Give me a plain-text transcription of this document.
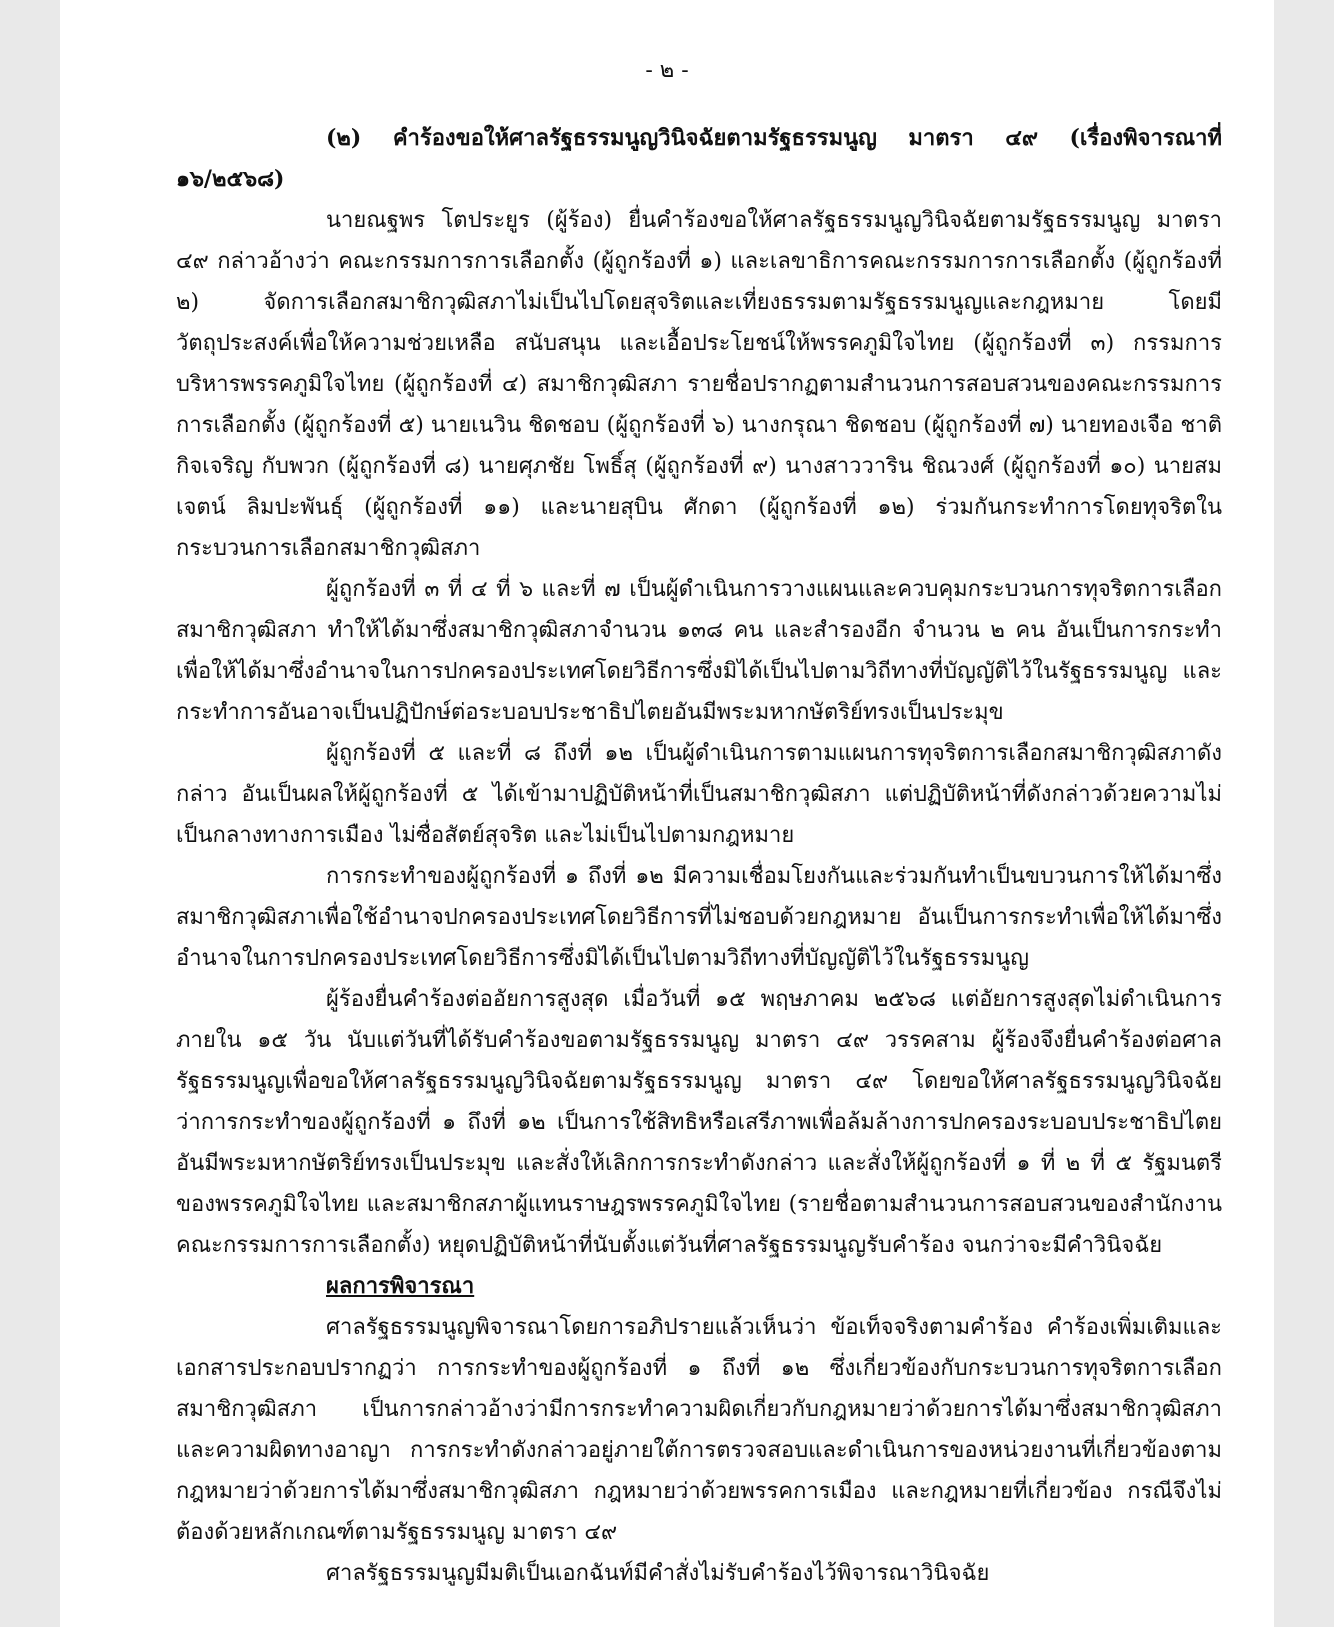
- ๒ -

(๒) คำร้องขอให้ศาลรัฐธรรมนูญวินิจฉัยตามรัฐธรรมนูญ มาตรา ๔๙ (เรื่องพิจารณาที่ ๑๖/๒๕๖๘)

นายณฐพร โตประยูร (ผู้ร้อง) ยื่นคำร้องขอให้ศาลรัฐธรรมนูญวินิจฉัยตามรัฐธรรมนูญ มาตรา ๔๙ กล่าวอ้างว่า คณะกรรมการการเลือกตั้ง (ผู้ถูกร้องที่ ๑) และเลขาธิการคณะกรรมการการเลือกตั้ง (ผู้ถูกร้องที่ ๒) จัดการเลือกสมาชิกวุฒิสภาไม่เป็นไปโดยสุจริตและเที่ยงธรรมตามรัฐธรรมนูญและกฎหมาย โดยมีวัตถุประสงค์เพื่อให้ความช่วยเหลือ สนับสนุน และเอื้อประโยชน์ให้พรรคภูมิใจไทย (ผู้ถูกร้องที่ ๓) กรรมการบริหารพรรคภูมิใจไทย (ผู้ถูกร้องที่ ๔) สมาชิกวุฒิสภา รายชื่อปรากฏตามสำนวนการสอบสวนของคณะกรรมการการเลือกตั้ง (ผู้ถูกร้องที่ ๕) นายเนวิน ชิดชอบ (ผู้ถูกร้องที่ ๖) นางกรุณา ชิดชอบ (ผู้ถูกร้องที่ ๗) นายทองเจือ ชาติกิจเจริญ กับพวก (ผู้ถูกร้องที่ ๘) นายศุภชัย โพธิ์สุ (ผู้ถูกร้องที่ ๙) นางสาววาริน ชิณวงศ์ (ผู้ถูกร้องที่ ๑๐) นายสมเจตน์ ลิมปะพันธุ์ (ผู้ถูกร้องที่ ๑๑) และนายสุบิน ศักดา (ผู้ถูกร้องที่ ๑๒) ร่วมกันกระทำการโดยทุจริตในกระบวนการเลือกสมาชิกวุฒิสภา

ผู้ถูกร้องที่ ๓ ที่ ๔ ที่ ๖ และที่ ๗ เป็นผู้ดำเนินการวางแผนและควบคุมกระบวนการทุจริตการเลือกสมาชิกวุฒิสภา ทำให้ได้มาซึ่งสมาชิกวุฒิสภาจำนวน ๑๓๘ คน และสำรองอีก จำนวน ๒ คน อันเป็นการกระทำเพื่อให้ได้มาซึ่งอำนาจในการปกครองประเทศโดยวิธีการซึ่งมิได้เป็นไปตามวิถีทางที่บัญญัติไว้ในรัฐธรรมนูญ และกระทำการอันอาจเป็นปฏิปักษ์ต่อระบอบประชาธิปไตยอันมีพระมหากษัตริย์ทรงเป็นประมุข

ผู้ถูกร้องที่ ๕ และที่ ๘ ถึงที่ ๑๒ เป็นผู้ดำเนินการตามแผนการทุจริตการเลือกสมาชิกวุฒิสภาดังกล่าว อันเป็นผลให้ผู้ถูกร้องที่ ๕ ได้เข้ามาปฏิบัติหน้าที่เป็นสมาชิกวุฒิสภา แต่ปฏิบัติหน้าที่ดังกล่าวด้วยความไม่เป็นกลางทางการเมือง ไม่ซื่อสัตย์สุจริต และไม่เป็นไปตามกฎหมาย

การกระทำของผู้ถูกร้องที่ ๑ ถึงที่ ๑๒ มีความเชื่อมโยงกันและร่วมกันทำเป็นขบวนการให้ได้มาซึ่งสมาชิกวุฒิสภาเพื่อใช้อำนาจปกครองประเทศโดยวิธีการที่ไม่ชอบด้วยกฎหมาย อันเป็นการกระทำเพื่อให้ได้มาซึ่งอำนาจในการปกครองประเทศโดยวิธีการซึ่งมิได้เป็นไปตามวิถีทางที่บัญญัติไว้ในรัฐธรรมนูญ

ผู้ร้องยื่นคำร้องต่ออัยการสูงสุด เมื่อวันที่ ๑๕ พฤษภาคม ๒๕๖๘ แต่อัยการสูงสุดไม่ดำเนินการภายใน ๑๕ วัน นับแต่วันที่ได้รับคำร้องขอตามรัฐธรรมนูญ มาตรา ๔๙ วรรคสาม ผู้ร้องจึงยื่นคำร้องต่อศาลรัฐธรรมนูญเพื่อขอให้ศาลรัฐธรรมนูญวินิจฉัยตามรัฐธรรมนูญ มาตรา ๔๙ โดยขอให้ศาลรัฐธรรมนูญวินิจฉัยว่าการกระทำของผู้ถูกร้องที่ ๑ ถึงที่ ๑๒ เป็นการใช้สิทธิหรือเสรีภาพเพื่อล้มล้างการปกครองระบอบประชาธิปไตยอันมีพระมหากษัตริย์ทรงเป็นประมุข และสั่งให้เลิกการกระทำดังกล่าว และสั่งให้ผู้ถูกร้องที่ ๑ ที่ ๒ ที่ ๕ รัฐมนตรีของพรรคภูมิใจไทย และสมาชิกสภาผู้แทนราษฎรพรรคภูมิใจไทย (รายชื่อตามสำนวนการสอบสวนของสำนักงานคณะกรรมการการเลือกตั้ง) หยุดปฏิบัติหน้าที่นับตั้งแต่วันที่ศาลรัฐธรรมนูญรับคำร้อง จนกว่าจะมีคำวินิจฉัย

ผลการพิจารณา

ศาลรัฐธรรมนูญพิจารณาโดยการอภิปรายแล้วเห็นว่า ข้อเท็จจริงตามคำร้อง คำร้องเพิ่มเติมและเอกสารประกอบปรากฏว่า การกระทำของผู้ถูกร้องที่ ๑ ถึงที่ ๑๒ ซึ่งเกี่ยวข้องกับกระบวนการทุจริตการเลือกสมาชิกวุฒิสภา เป็นการกล่าวอ้างว่ามีการกระทำความผิดเกี่ยวกับกฎหมายว่าด้วยการได้มาซึ่งสมาชิกวุฒิสภาและความผิดทางอาญา การกระทำดังกล่าวอยู่ภายใต้การตรวจสอบและดำเนินการของหน่วยงานที่เกี่ยวข้องตามกฎหมายว่าด้วยการได้มาซึ่งสมาชิกวุฒิสภา กฎหมายว่าด้วยพรรคการเมือง และกฎหมายที่เกี่ยวข้อง กรณีจึงไม่ต้องด้วยหลักเกณฑ์ตามรัฐธรรมนูญ มาตรา ๔๙

ศาลรัฐธรรมนูญมีมติเป็นเอกฉันท์มีคำสั่งไม่รับคำร้องไว้พิจารณาวินิจฉัย
